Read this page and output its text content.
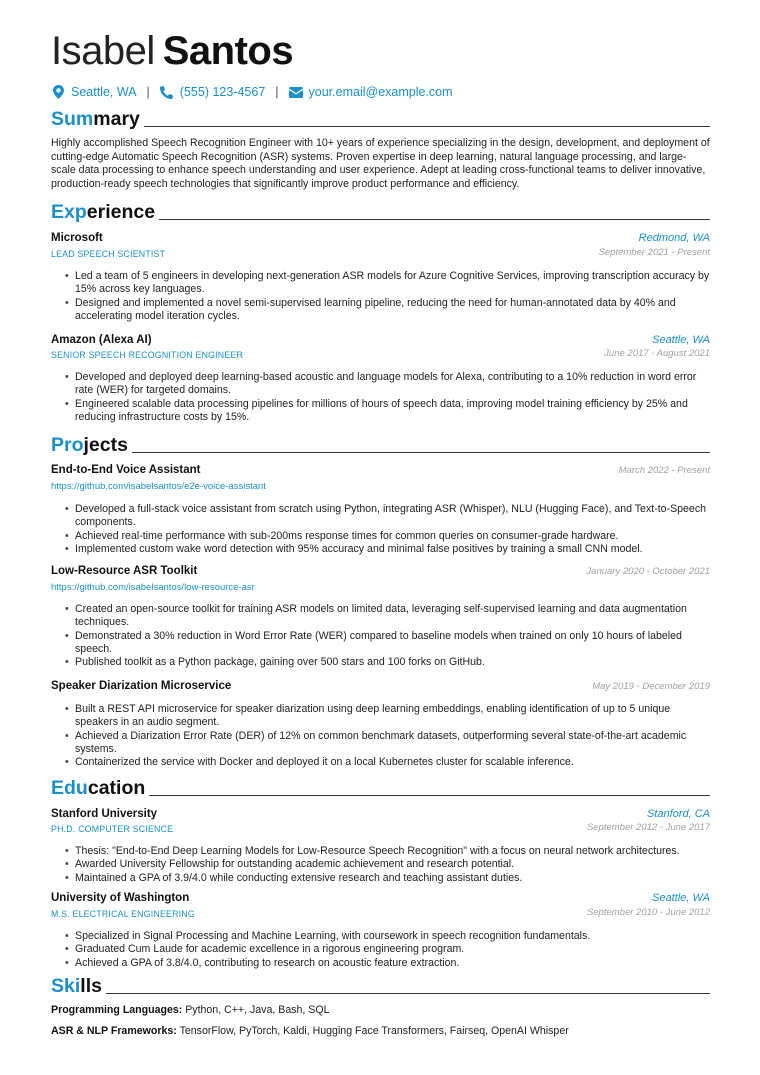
Isabel Santos
Seattle, WA | (555) 123-4567 | your.email@example.com
Summary
Highly accomplished Speech Recognition Engineer with 10+ years of experience specializing in the design, development, and deployment of cutting-edge Automatic Speech Recognition (ASR) systems. Proven expertise in deep learning, natural language processing, and large-scale data processing to enhance speech understanding and user experience. Adept at leading cross-functional teams to deliver innovative, production-ready speech technologies that significantly improve product performance and efficiency.
Experience
Microsoft	Redmond, WA
LEAD SPEECH SCIENTIST	September 2021 - Present
• Led a team of 5 engineers in developing next-generation ASR models for Azure Cognitive Services, improving transcription accuracy by 15% across key languages.
• Designed and implemented a novel semi-supervised learning pipeline, reducing the need for human-annotated data by 40% and accelerating model iteration cycles.
Amazon (Alexa AI)	Seattle, WA
SENIOR SPEECH RECOGNITION ENGINEER	June 2017 - August 2021
• Developed and deployed deep learning-based acoustic and language models for Alexa, contributing to a 10% reduction in word error rate (WER) for targeted domains.
• Engineered scalable data processing pipelines for millions of hours of speech data, improving model training efficiency by 25% and reducing infrastructure costs by 15%.
Projects
End-to-End Voice Assistant	March 2022 - Present
https://github.com/isabelsantos/e2e-voice-assistant
• Developed a full-stack voice assistant from scratch using Python, integrating ASR (Whisper), NLU (Hugging Face), and Text-to-Speech components.
• Achieved real-time performance with sub-200ms response times for common queries on consumer-grade hardware.
• Implemented custom wake word detection with 95% accuracy and minimal false positives by training a small CNN model.
Low-Resource ASR Toolkit	January 2020 - October 2021
https://github.com/isabelsantos/low-resource-asr
• Created an open-source toolkit for training ASR models on limited data, leveraging self-supervised learning and data augmentation techniques.
• Demonstrated a 30% reduction in Word Error Rate (WER) compared to baseline models when trained on only 10 hours of labeled speech.
• Published toolkit as a Python package, gaining over 500 stars and 100 forks on GitHub.
Speaker Diarization Microservice	May 2019 - December 2019
• Built a REST API microservice for speaker diarization using deep learning embeddings, enabling identification of up to 5 unique speakers in an audio segment.
• Achieved a Diarization Error Rate (DER) of 12% on common benchmark datasets, outperforming several state-of-the-art academic systems.
• Containerized the service with Docker and deployed it on a local Kubernetes cluster for scalable inference.
Education
Stanford University	Stanford, CA
PH.D. COMPUTER SCIENCE	September 2012 - June 2017
• Thesis: "End-to-End Deep Learning Models for Low-Resource Speech Recognition" with a focus on neural network architectures.
• Awarded University Fellowship for outstanding academic achievement and research potential.
• Maintained a GPA of 3.9/4.0 while conducting extensive research and teaching assistant duties.
University of Washington	Seattle, WA
M.S. ELECTRICAL ENGINEERING	September 2010 - June 2012
• Specialized in Signal Processing and Machine Learning, with coursework in speech recognition fundamentals.
• Graduated Cum Laude for academic excellence in a rigorous engineering program.
• Achieved a GPA of 3.8/4.0, contributing to research on acoustic feature extraction.
Skills
Programming Languages: Python, C++, Java, Bash, SQL
ASR & NLP Frameworks: TensorFlow, PyTorch, Kaldi, Hugging Face Transformers, Fairseq, OpenAI Whisper
